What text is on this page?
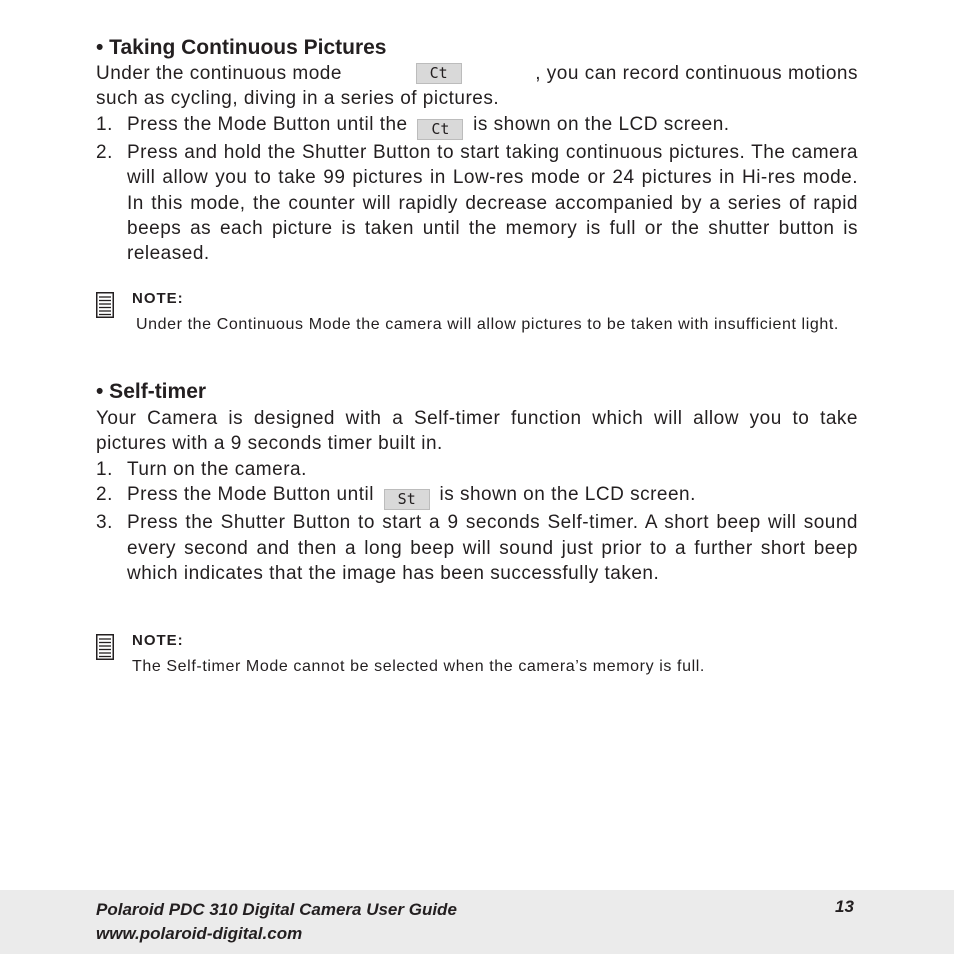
• Taking Continuous Pictures
Under the continuous mode	Ct	, you can record continuous motions
such as cycling, diving in a series of pictures.
1. Press the Mode Button until the Ct is shown on the LCD screen.
2. Press and hold the Shutter Button to start taking continuous pictures. The camera will allow you to take 99 pictures in Low-res mode or 24 pictures in Hi-res mode. In this mode, the counter will rapidly decrease accompanied by a series of rapid beeps as each picture is taken until the memory is full or the shutter button is released.
NOTE:
Under the Continuous Mode the camera will allow pictures to be taken with insufficient light.
• Self-timer
Your Camera is designed with a Self-timer function which will allow you to take pictures with a 9 seconds timer built in.
1. Turn on the camera.
2. Press the Mode Button until St is shown on the LCD screen.
3. Press the Shutter Button to start a 9 seconds Self-timer. A short beep will sound every second and then a long beep will sound just prior to a further short beep which indicates that the image has been successfully taken.
NOTE:
The Self-timer Mode cannot be selected when the camera’s memory is full.
Polaroid PDC 310 Digital Camera User Guide
www.polaroid-digital.com
13
